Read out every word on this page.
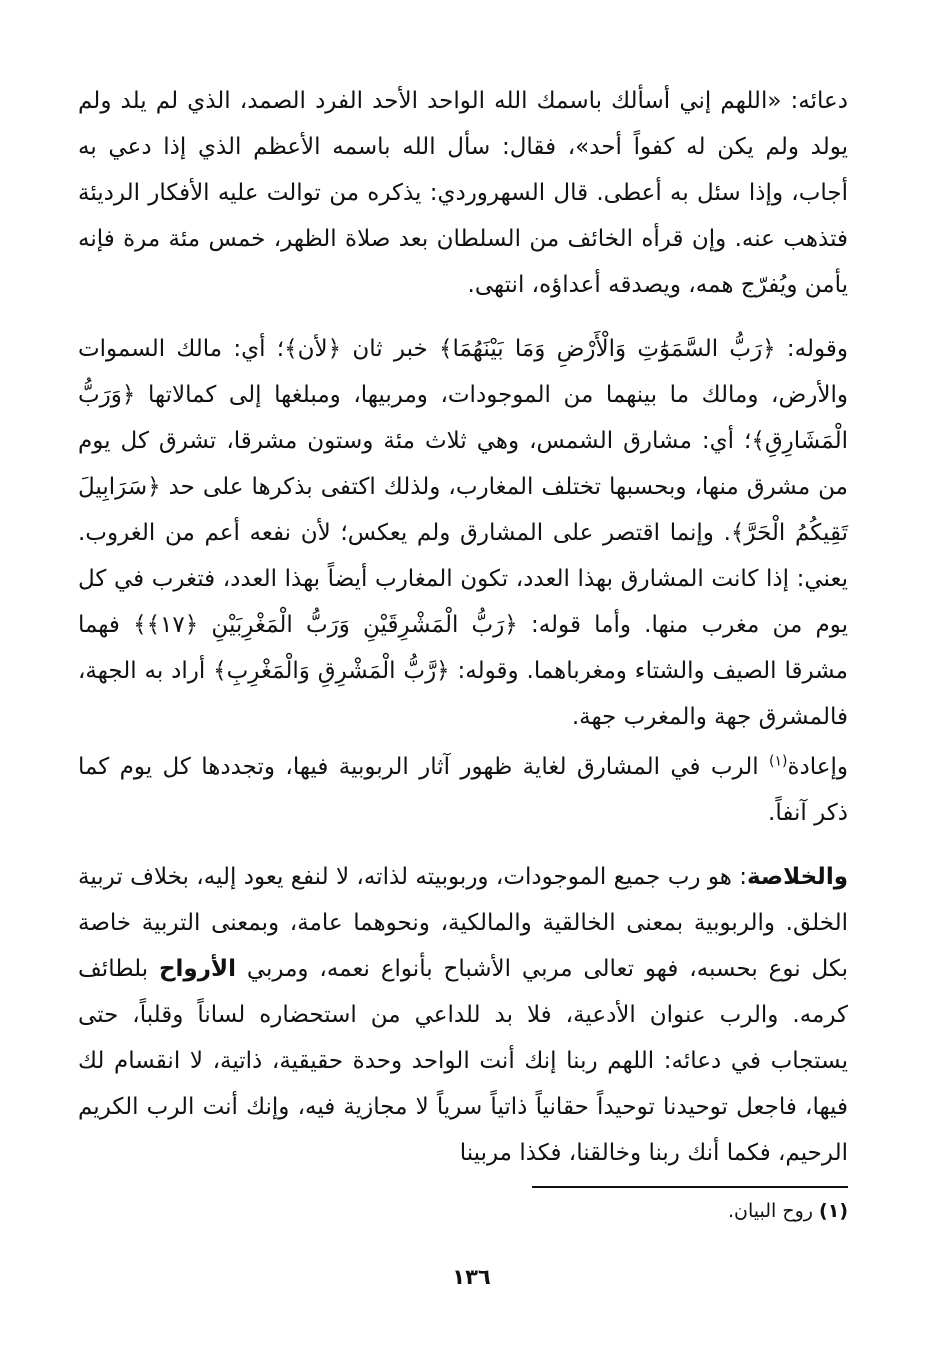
دعائه: «اللهم إني أسألك باسمك الله الواحد الأحد الفرد الصمد، الذي لم يلد ولم يولد ولم يكن له كفواً أحد»، فقال: سأل الله باسمه الأعظم الذي إذا دعي به أجاب، وإذا سئل به أعطى. قال السهروردي: يذكره من توالت عليه الأفكار الرديئة فتذهب عنه. وإن قرأه الخائف من السلطان بعد صلاة الظهر، خمس مئة مرة فإنه يأمن ويُفرّج همه، ويصدقه أعداؤه، انتهى.

وقوله: ﴿رَبُّ السَّمَوَٰتِ وَالْأَرْضِ وَمَا بَيْنَهُمَا﴾ خبر ثان ﴿لأن﴾؛ أي: مالك السموات والأرض، ومالك ما بينهما من الموجودات، ومربيها، ومبلغها إلى كمالاتها ﴿وَرَبُّ الْمَشَارِقِ﴾؛ أي: مشارق الشمس، وهي ثلاث مئة وستون مشرقا، تشرق كل يوم من مشرق منها، وبحسبها تختلف المغارب، ولذلك اكتفى بذكرها على حد ﴿سَرَابِيلَ تَقِيكُمُ الْحَرَّ﴾. وإنما اقتصر على المشارق ولم يعكس؛ لأن نفعه أعم من الغروب. يعني: إذا كانت المشارق بهذا العدد، تكون المغارب أيضاً بهذا العدد، فتغرب في كل يوم من مغرب منها. وأما قوله: ﴿رَبُّ الْمَشْرِقَيْنِ وَرَبُّ الْمَغْرِبَيْنِ ﴿١٧﴾﴾ فهما مشرقا الصيف والشتاء ومغرباهما. وقوله: ﴿رَّبُّ الْمَشْرِقِ وَالْمَغْرِبِ﴾ أراد به الجهة، فالمشرق جهة والمغرب جهة.

وإعادة$^{(١)}$ الرب في المشارق لغاية ظهور آثار الربوبية فيها، وتجددها كل يوم كما ذكر آنفاً.

والخلاصة: هو رب جميع الموجودات، وربوبيته لذاته، لا لنفع يعود إليه، بخلاف تربية الخلق. والربوبية بمعنى الخالقية والمالكية، ونحوهما عامة، وبمعنى التربية خاصة بكل نوع بحسبه، فهو تعالى مربي الأشباح بأنواع نعمه، ومربي الأرواح بلطائف كرمه. والرب عنوان الأدعية، فلا بد للداعي من استحضاره لساناً وقلباً، حتى يستجاب في دعائه: اللهم ربنا إنك أنت الواحد وحدة حقيقية، ذاتية، لا انقسام لك فيها، فاجعل توحيدنا توحيداً حقانياً ذاتياً سرياً لا مجازية فيه، وإنك أنت الرب الكريم الرحيم، فكما أنك ربنا وخالقنا، فكذا مربينا

(١) روح البيان.
١٣٦
